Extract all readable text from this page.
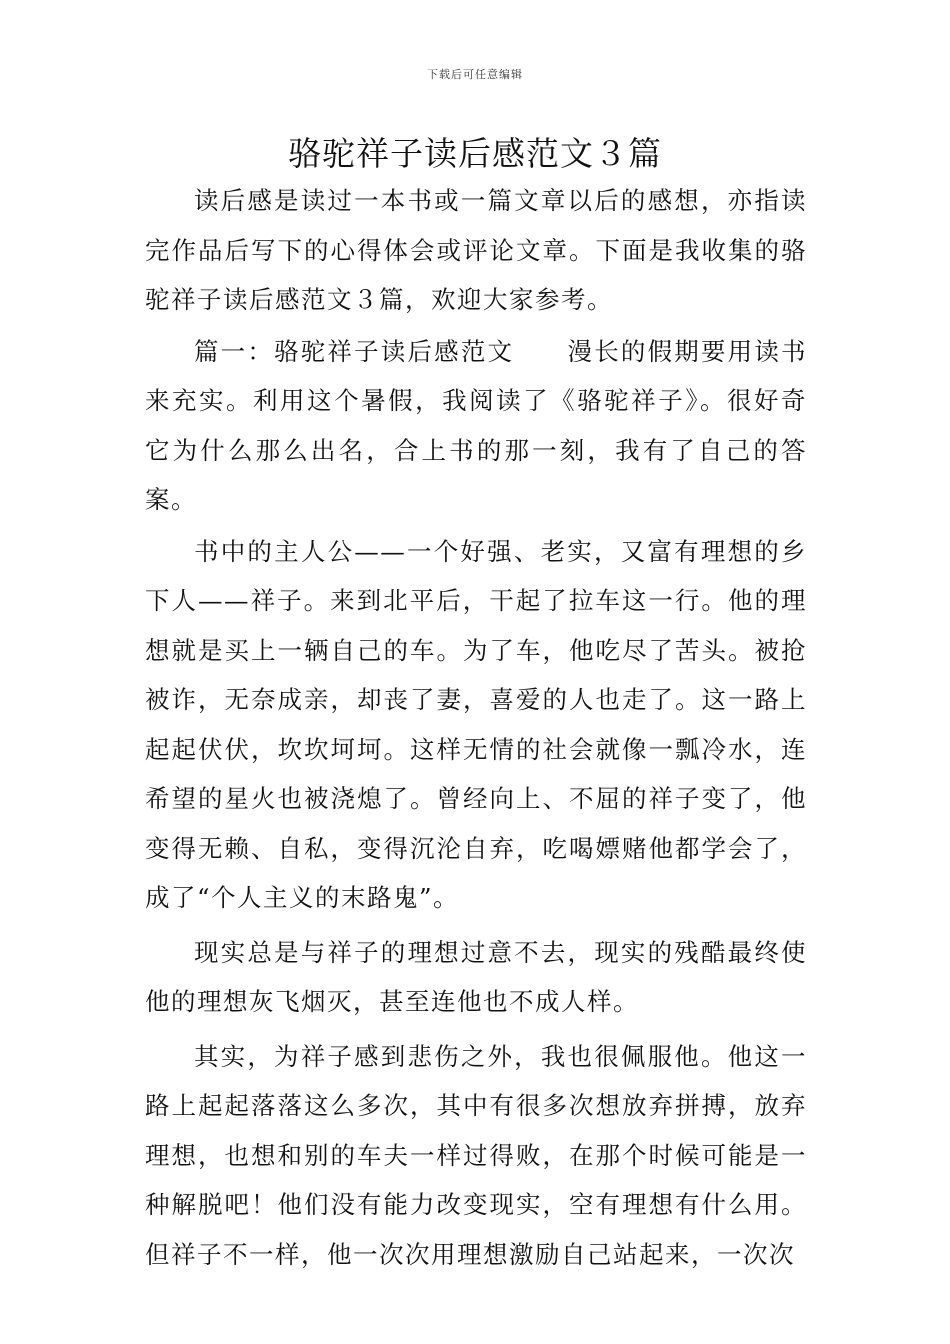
下载后可任意编辑
骆驼祥子读后感范文３篇

读后感是读过一本书或一篇文章以后的感想，亦指读完作品后写下的心得体会或评论文章。下面是我收集的骆驼祥子读后感范文３篇，欢迎大家参考。

篇一：骆驼祥子读后感范文　　漫长的假期要用读书来充实。利用这个暑假，我阅读了《骆驼祥子》。很好奇它为什么那么出名，合上书的那一刻，我有了自己的答案。

书中的主人公——一个好强、老实，又富有理想的乡下人——祥子。来到北平后，干起了拉车这一行。他的理想就是买上一辆自己的车。为了车，他吃尽了苦头。被抢被诈，无奈成亲，却丧了妻，喜爱的人也走了。这一路上起起伏伏，坎坎坷坷。这样无情的社会就像一瓢冷水，连希望的星火也被浇熄了。曾经向上、不屈的祥子变了，他变得无赖、自私，变得沉沦自弃，吃喝嫖赌他都学会了，成了“个人主义的末路鬼”。

现实总是与祥子的理想过意不去，现实的残酷最终使他的理想灰飞烟灭，甚至连他也不成人样。

其实，为祥子感到悲伤之外，我也很佩服他。他这一路上起起落落这么多次，其中有很多次想放弃拼搏，放弃理想，也想和别的车夫一样过得败，在那个时候可能是一种解脱吧！他们没有能力改变现实，空有理想有什么用。但祥子不一样，他一次次用理想激励自己站起来，一次次
